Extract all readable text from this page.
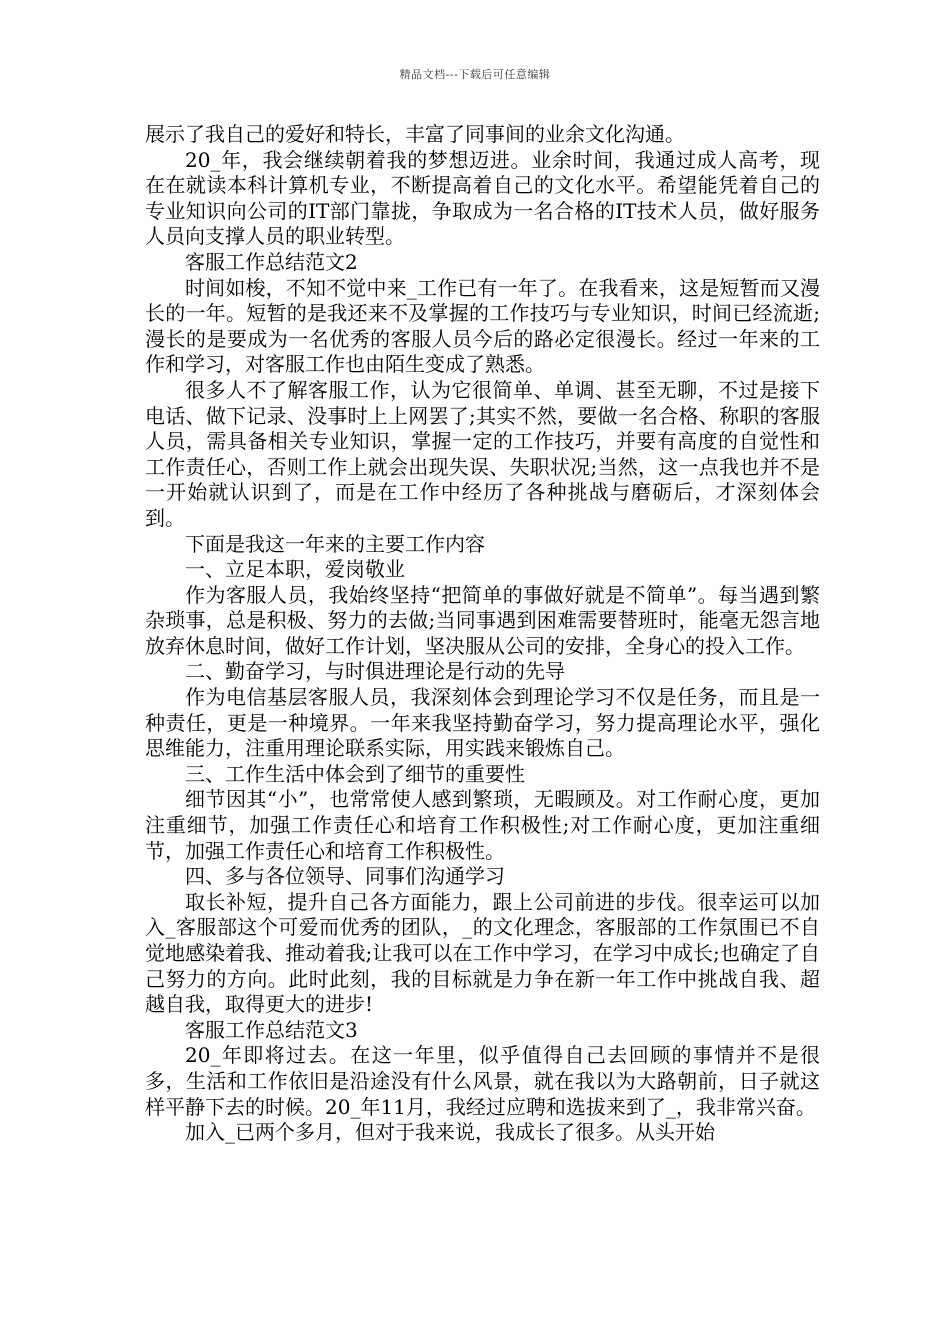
精品文档---下载后可任意编辑

展示了我自己的爱好和特长，丰富了同事间的业余文化沟通。

20_年，我会继续朝着我的梦想迈进。业余时间，我通过成人高考，现在在就读本科计算机专业，不断提高着自己的文化水平。希望能凭着自己的专业知识向公司的IT部门靠拢，争取成为一名合格的IT技术人员，做好服务人员向支撑人员的职业转型。

客服工作总结范文2

时间如梭，不知不觉中来_工作已有一年了。在我看来，这是短暂而又漫长的一年。短暂的是我还来不及掌握的工作技巧与专业知识，时间已经流逝;漫长的是要成为一名优秀的客服人员今后的路必定很漫长。经过一年来的工作和学习，对客服工作也由陌生变成了熟悉。

很多人不了解客服工作，认为它很简单、单调、甚至无聊，不过是接下电话、做下记录、没事时上上网罢了;其实不然，要做一名合格、称职的客服人员，需具备相关专业知识，掌握一定的工作技巧，并要有高度的自觉性和工作责任心，否则工作上就会出现失误、失职状况;当然，这一点我也并不是一开始就认识到了，而是在工作中经历了各种挑战与磨砺后，才深刻体会到。

下面是我这一年来的主要工作内容

一、立足本职，爱岗敬业

作为客服人员，我始终坚持“把简单的事做好就是不简单”。每当遇到繁杂琐事，总是积极、努力的去做;当同事遇到困难需要替班时，能毫无怨言地放弃休息时间，做好工作计划，坚决服从公司的安排，全身心的投入工作。

二、勤奋学习，与时俱进理论是行动的先导

作为电信基层客服人员，我深刻体会到理论学习不仅是任务，而且是一种责任，更是一种境界。一年来我坚持勤奋学习，努力提高理论水平，强化思维能力，注重用理论联系实际，用实践来锻炼自己。

三、工作生活中体会到了细节的重要性

细节因其“小”，也常常使人感到繁琐，无暇顾及。对工作耐心度，更加注重细节，加强工作责任心和培育工作积极性;对工作耐心度，更加注重细节，加强工作责任心和培育工作积极性。

四、多与各位领导、同事们沟通学习

取长补短，提升自己各方面能力，跟上公司前进的步伐。很幸运可以加入_客服部这个可爱而优秀的团队，_的文化理念，客服部的工作氛围已不自觉地感染着我、推动着我;让我可以在工作中学习，在学习中成长;也确定了自己努力的方向。此时此刻，我的目标就是力争在新一年工作中挑战自我、超越自我，取得更大的进步!

客服工作总结范文3

20_年即将过去。在这一年里，似乎值得自己去回顾的事情并不是很多，生活和工作依旧是沿途没有什么风景，就在我以为大路朝前，日子就这样平静下去的时候。20_年11月，我经过应聘和选拔来到了_，我非常兴奋。

加入_已两个多月，但对于我来说，我成长了很多。从头开始
